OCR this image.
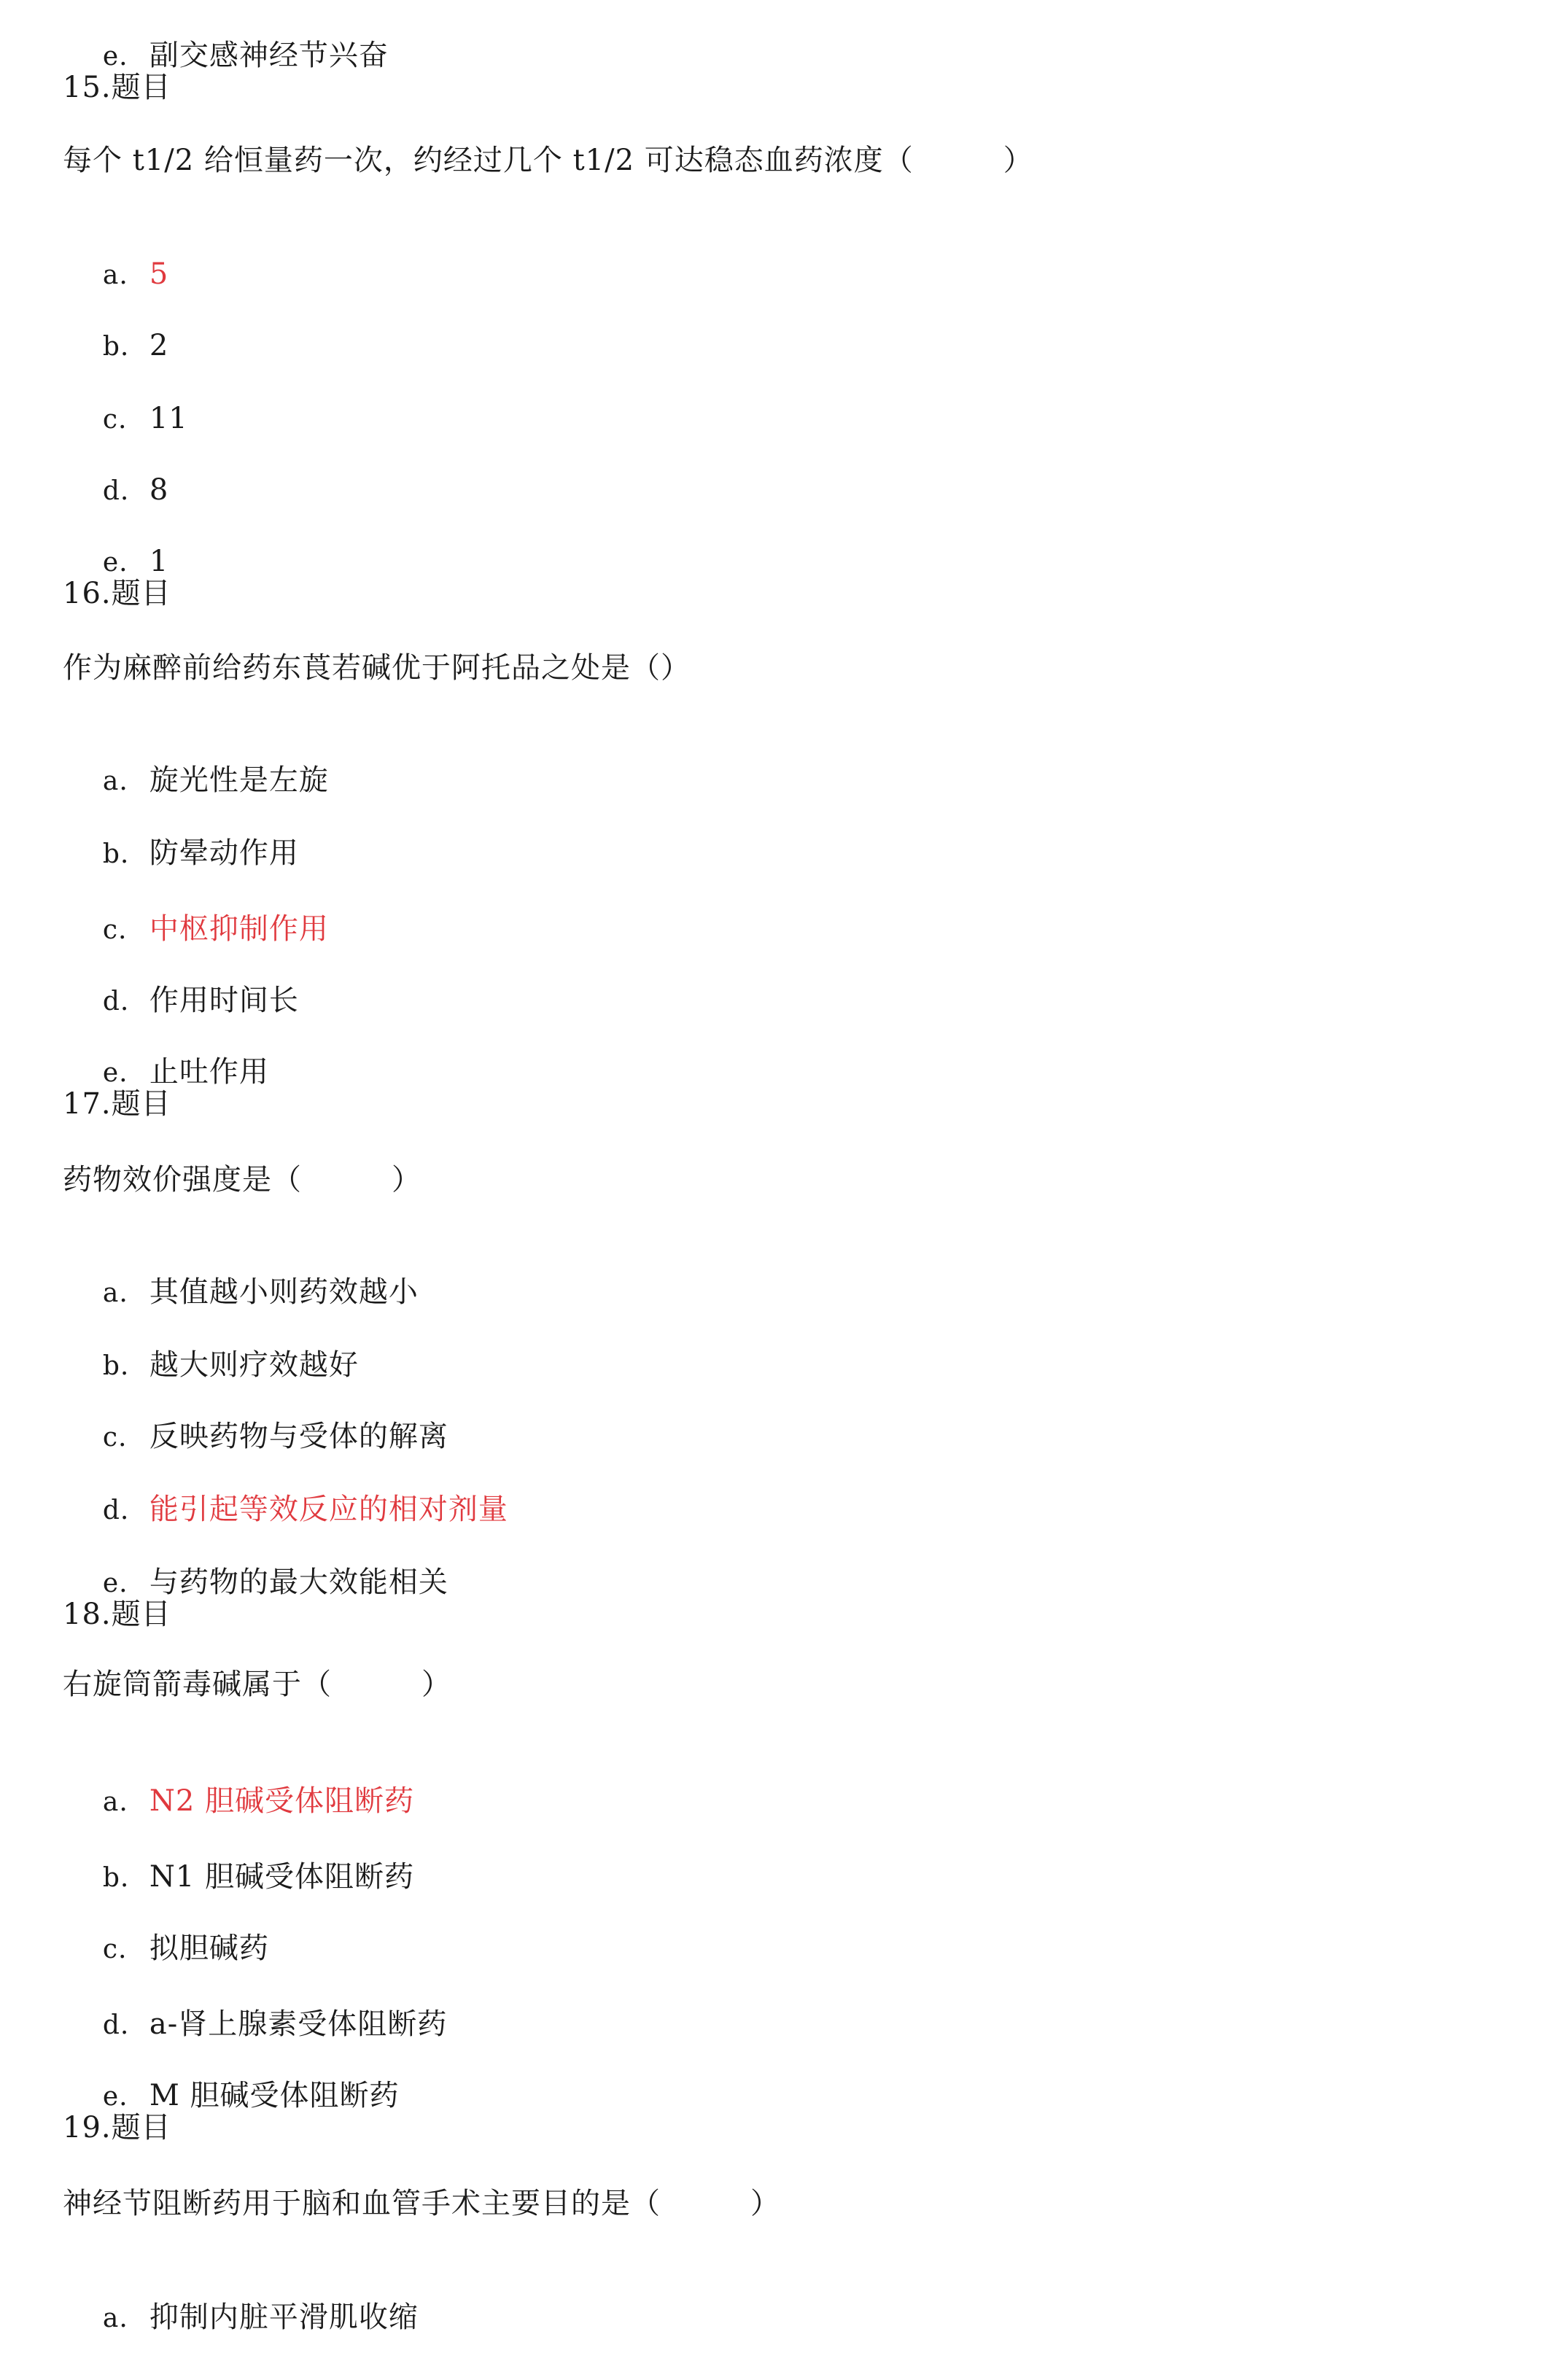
e. 副交感神经节兴奋

15.题目
每个 t1/2 给恒量药一次，约经过几个 t1/2 可达稳态血药浓度（　　　）

a. 5

b. 2

c. 11

d. 8

e. 1

16.题目
作为麻醉前给药东莨若碱优于阿托品之处是（）

a. 旋光性是左旋

b. 防晕动作用

c. 中枢抑制作用

d. 作用时间长

e. 止吐作用

17.题目
药物效价强度是（　　　）

a. 其值越小则药效越小

b. 越大则疗效越好

c. 反映药物与受体的解离

d. 能引起等效反应的相对剂量

e. 与药物的最大效能相关

18.题目
右旋筒箭毒碱属于（　　　）

a. N2 胆碱受体阻断药

b. N1 胆碱受体阻断药

c. 拟胆碱药

d. a-肾上腺素受体阻断药

e. M 胆碱受体阻断药

19.题目
神经节阻断药用于脑和血管手术主要目的是（　　　）

a. 抑制内脏平滑肌收缩
